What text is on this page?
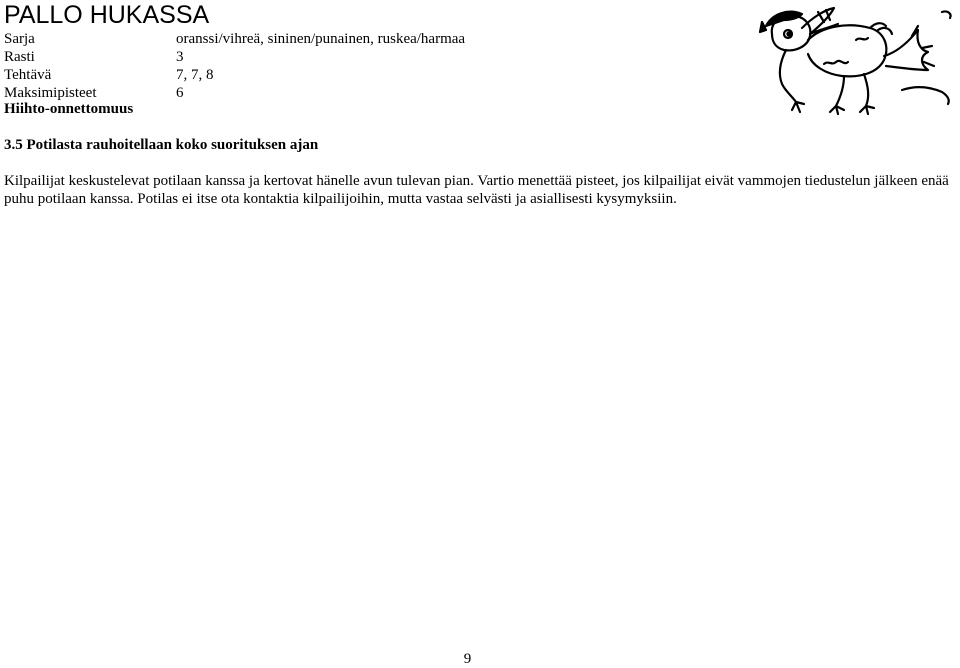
PALLO HUKASSA
Sarja	oranssi/vihreä, sininen/punainen, ruskea/harmaa
Rasti	3
Tehtävä	7, 7, 8
Maksimipisteet	6
Hiihto-onnettomuus
3.5 Potilasta rauhoitellaan koko suorituksen ajan

Kilpailijat keskustelevat potilaan kanssa ja kertovat hänelle avun tulevan pian. Vartio menettää pisteet, jos kilpailijat eivät vammojen tiedustelun jälkeen enää puhu potilaan kanssa. Potilas ei itse ota kontaktia kilpailijoihin, mutta vastaa selvästi ja asiallisesti kysymyksiin.

9
